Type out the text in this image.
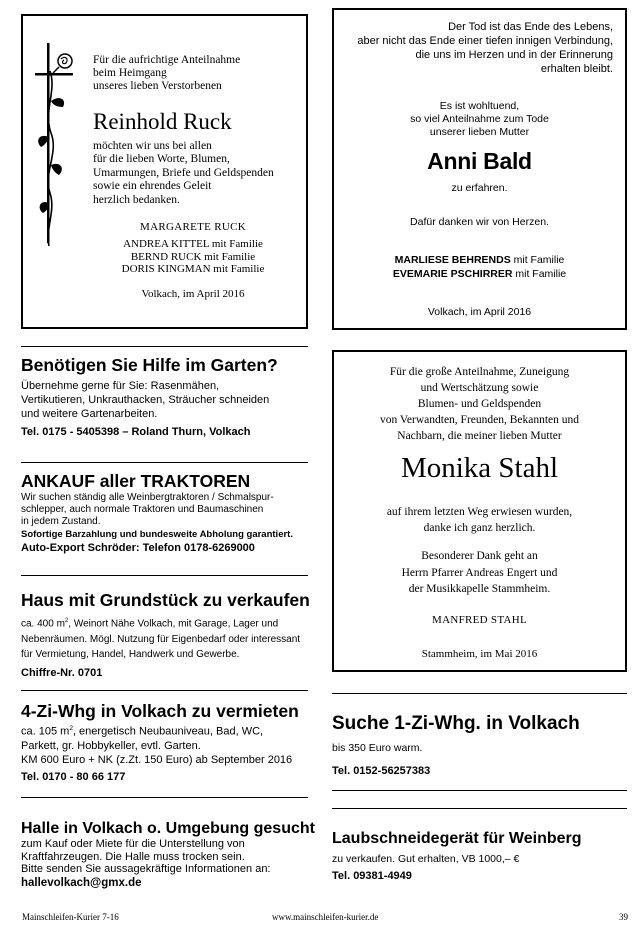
Für die aufrichtige Anteilnahme
beim Heimgang
unseres lieben Verstorbenen
Reinhold Ruck
möchten wir uns bei allen
für die lieben Worte, Blumen,
Umarmungen, Briefe und Geldspenden
sowie ein ehrendes Geleit
herzlich bedanken.
MARGARETE RUCK
ANDREA KITTEL mit Familie
BERND RUCK mit Familie
DORIS KINGMAN mit Familie
Volkach, im April 2016
Der Tod ist das Ende des Lebens,
aber nicht das Ende einer tiefen innigen Verbindung,
die uns im Herzen und in der Erinnerung
erhalten bleibt.
Es ist wohltuend,
so viel Anteilnahme zum Tode
unserer lieben Mutter
Anni Bald
zu erfahren.
Dafür danken wir von Herzen.
MARLIESE BEHRENDS mit Familie
EVEMARIE PSCHIRRER mit Familie
Volkach, im April 2016
Für die große Anteilnahme, Zuneigung
und Wertschätzung sowie
Blumen- und Geldspenden
von Verwandten, Freunden, Bekannten und
Nachbarn, die meiner lieben Mutter
Monika Stahl
auf ihrem letzten Weg erwiesen wurden,
danke ich ganz herzlich.
Besonderer Dank geht an
Herrn Pfarrer Andreas Engert und
der Musikkapelle Stammheim.
MANFRED STAHL
Stammheim, im Mai 2016
Benötigen Sie Hilfe im Garten?
Übernehme gerne für Sie: Rasenmähen,
Vertikutieren, Unkrauthacken, Sträucher schneiden
und weitere Gartenarbeiten.
Tel. 0175 - 5405398 – Roland Thurn, Volkach
ANKAUF aller TRAKTOREN
Wir suchen ständig alle Weinbergtraktoren / Schmalspur-
schlepper, auch normale Traktoren und Baumaschinen
in jedem Zustand.
Sofortige Barzahlung und bundesweite Abholung garantiert.
Auto-Export Schröder: Telefon 0178-6269000
Haus mit Grundstück zu verkaufen
ca. 400 $m^2$, Weinort Nähe Volkach, mit Garage, Lager und
Nebenräumen. Mögl. Nutzung für Eigenbedarf oder interessant
für Vermietung, Handel, Handwerk und Gewerbe.
Chiffre-Nr. 0701
4-Zi-Whg in Volkach zu vermieten
ca. 105 $m^2$, energetisch Neubauniveau, Bad, WC,
Parkett, gr. Hobbykeller, evtl. Garten.
KM 600 Euro + NK (z.Zt. 150 Euro) ab September 2016
Tel. 0170 - 80 66 177
Halle in Volkach o. Umgebung gesucht
zum Kauf oder Miete für die Unterstellung von
Kraftfahrzeugen. Die Halle muss trocken sein.
Bitte senden Sie aussagekräftige Informationen an:
hallevolkach@gmx.de
Suche 1-Zi-Whg. in Volkach
bis 350 Euro warm.
Tel. 0152-56257383
Laubschneidegerät für Weinberg
zu verkaufen. Gut erhalten, VB 1000,– €
Tel. 09381-4949
Mainschleifen-Kurier 7-16	www.mainschleifen-kurier.de	39
